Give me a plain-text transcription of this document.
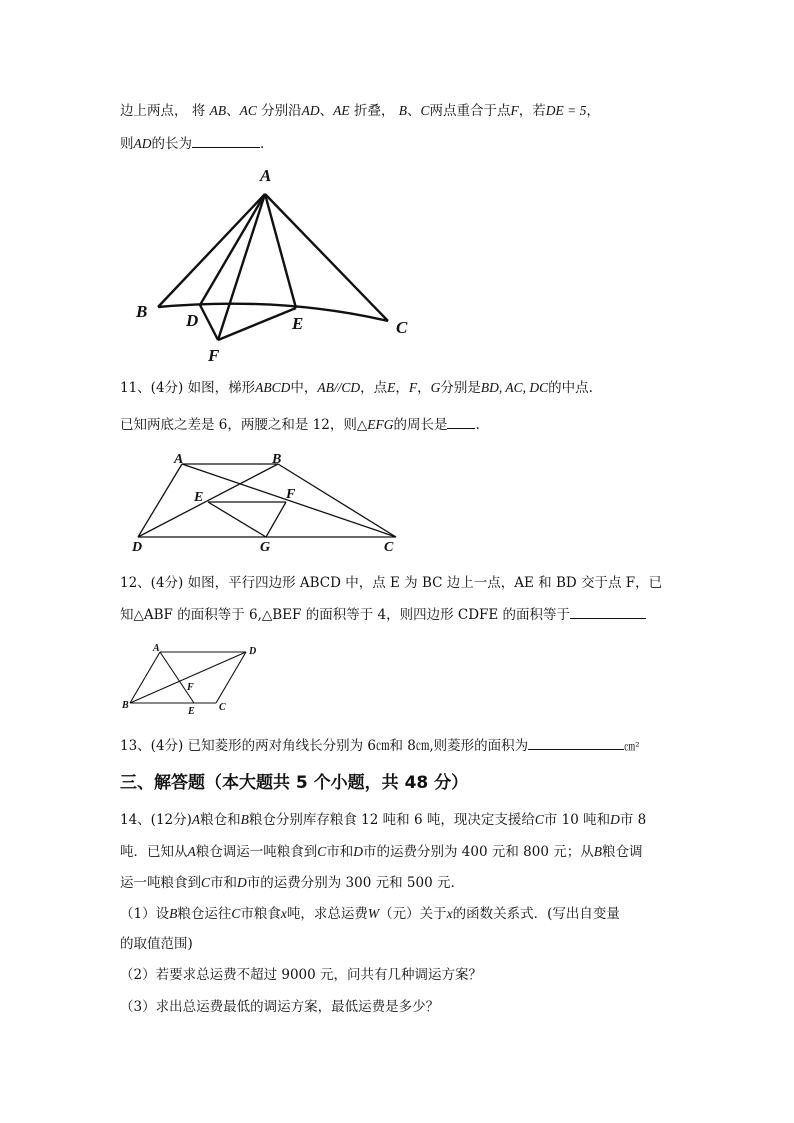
边上两点， 将 AB、AC 分别沿AD、AE 折叠， B、C两点重合于点F，若DE = 5，
则AD的长为	.
A
B D	E	C
F
11、(4分) 如图，梯形ABCD中，AB//CD，点E，F，G分别是BD, AC, DC的中点.
已知两底之差是 6，两腰之和是 12，则△EFG的周长是 .
A	B
E	F
D	G	C
12、(4分) 如图，平行四边形 ABCD 中，点 E 为 BC 边上一点，AE 和 BD 交于点 F，已
知△ABF 的面积等于 6,△BEF 的面积等于 4，则四边形 CDFE 的面积等于
A	D
B
F
E C
13、(4分) 已知菱形的两对角线长分别为 6㎝和 8㎝,则菱形的面积为	㎝²
三、解答题（本大题共 5 个小题，共 48 分）
14、(12分)A粮仓和B粮仓分别库存粮食 12 吨和 6 吨，现决定支援给C市 10 吨和D市 8
吨．已知从A粮仓调运一吨粮食到C市和D市的运费分别为 400 元和 800 元；从B粮仓调
运一吨粮食到C市和D市的运费分别为 300 元和 500 元.
（1）设B粮仓运往C市粮食x吨，求总运费W（元）关于x的函数关系式．(写出自变量
的取值范围)
（2）若要求总运费不超过 9000 元，问共有几种调运方案？
（3）求出总运费最低的调运方案，最低运费是多少？
